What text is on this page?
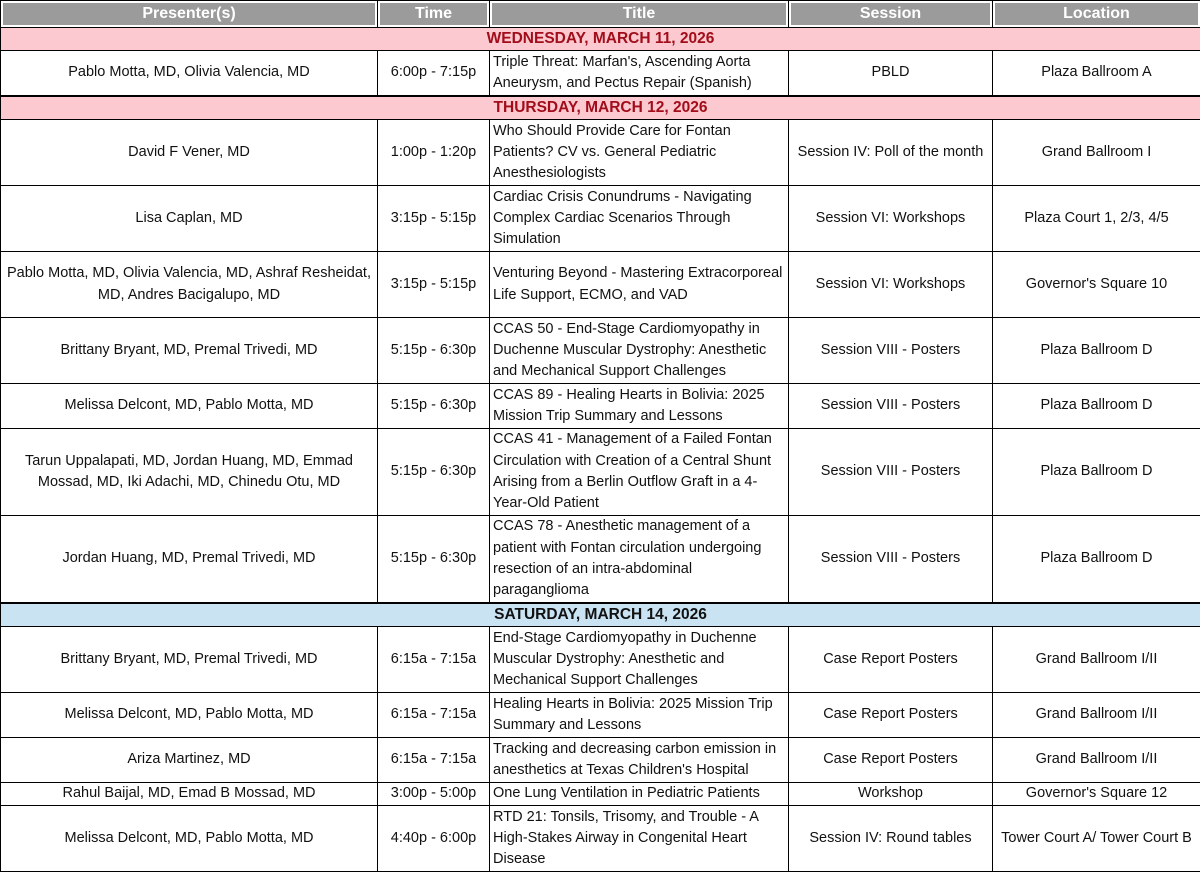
Presenter(s)	Time	Title	Session	Location
WEDNESDAY, MARCH 11, 2026				
Pablo Motta, MD, Olivia Valencia, MD	6:00p - 7:15p	Triple Threat: Marfan's, Ascending Aorta Aneurysm, and Pectus Repair (Spanish)	PBLD	Plaza Ballroom A
THURSDAY, MARCH 12, 2026				
David F Vener, MD	1:00p - 1:20p	Who Should Provide Care for Fontan Patients? CV vs. General Pediatric Anesthesiologists	Session IV: Poll of the month	Grand Ballroom I
Lisa Caplan, MD	3:15p - 5:15p	Cardiac Crisis Conundrums - Navigating Complex Cardiac Scenarios Through Simulation	Session VI: Workshops	Plaza Court 1, 2/3, 4/5
Pablo Motta, MD, Olivia Valencia, MD, Ashraf Resheidat, MD, Andres Bacigalupo, MD	3:15p - 5:15p	Venturing Beyond - Mastering Extracorporeal Life Support, ECMO, and VAD	Session VI: Workshops	Governor's Square 10
Brittany Bryant, MD, Premal Trivedi, MD	5:15p - 6:30p	CCAS 50 - End-Stage Cardiomyopathy in Duchenne Muscular Dystrophy: Anesthetic and Mechanical Support Challenges	Session VIII - Posters	Plaza Ballroom D
Melissa Delcont, MD, Pablo Motta, MD	5:15p - 6:30p	CCAS 89 - Healing Hearts in Bolivia: 2025 Mission Trip Summary and Lessons	Session VIII - Posters	Plaza Ballroom D
Tarun Uppalapati, MD, Jordan Huang, MD, Emmad Mossad, MD, Iki Adachi, MD, Chinedu Otu, MD	5:15p - 6:30p	CCAS 41 - Management of a Failed Fontan Circulation with Creation of a Central Shunt Arising from a Berlin Outflow Graft in a 4-Year-Old Patient	Session VIII - Posters	Plaza Ballroom D
Jordan Huang, MD, Premal Trivedi, MD	5:15p - 6:30p	CCAS 78 - Anesthetic management of a patient with Fontan circulation undergoing resection of an intra-abdominal paraganglioma	Session VIII - Posters	Plaza Ballroom D
SATURDAY, MARCH 14, 2026				
Brittany Bryant, MD, Premal Trivedi, MD	6:15a - 7:15a	End-Stage Cardiomyopathy in Duchenne Muscular Dystrophy: Anesthetic and Mechanical Support Challenges	Case Report Posters	Grand Ballroom I/II
Melissa Delcont, MD, Pablo Motta, MD	6:15a - 7:15a	Healing Hearts in Bolivia: 2025 Mission Trip Summary and Lessons	Case Report Posters	Grand Ballroom I/II
Ariza Martinez, MD	6:15a - 7:15a	Tracking and decreasing carbon emission in anesthetics at Texas Children's Hospital	Case Report Posters	Grand Ballroom I/II
Rahul Baijal, MD, Emad B Mossad, MD	3:00p - 5:00p	One Lung Ventilation in Pediatric Patients	Workshop	Governor's Square 12
Melissa Delcont, MD, Pablo Motta, MD	4:40p - 6:00p	RTD 21: Tonsils, Trisomy, and Trouble - A High-Stakes Airway in Congenital Heart Disease	Session IV: Round tables	Tower Court A/ Tower Court B
